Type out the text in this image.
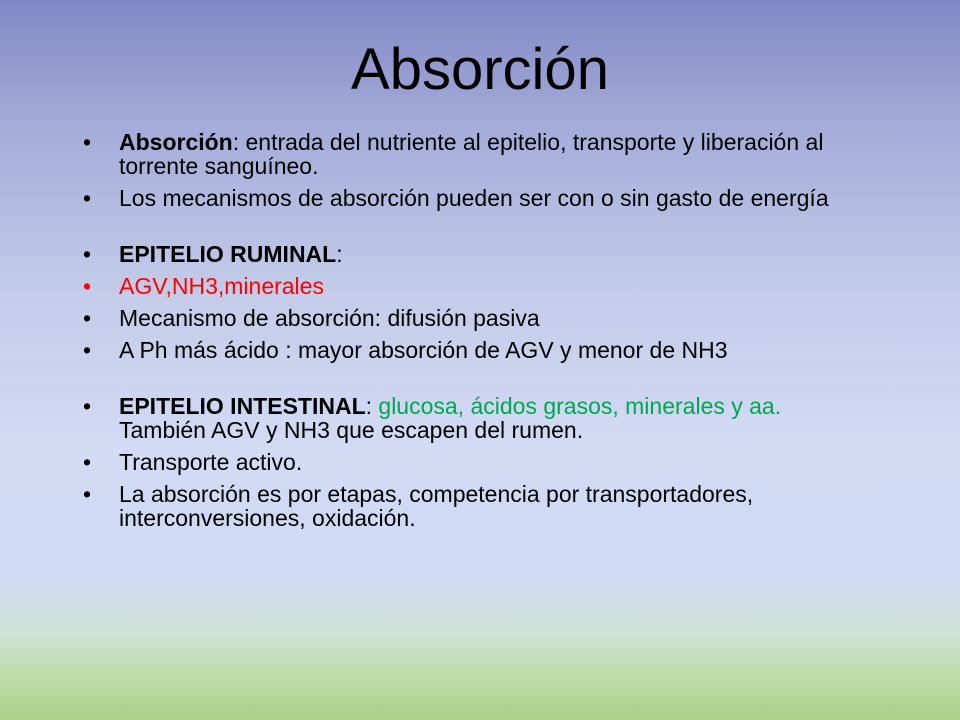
Absorción
• Absorción: entrada del nutriente al epitelio, transporte y liberación al torrente sanguíneo.
• Los mecanismos de absorción pueden ser con o sin gasto de energía
• EPITELIO RUMINAL:
• AGV,NH3,minerales
• Mecanismo de absorción: difusión pasiva
• A Ph más ácido : mayor absorción de AGV y menor de NH3
• EPITELIO INTESTINAL: glucosa, ácidos grasos, minerales y aa. También AGV y NH3 que escapen del rumen.
• Transporte activo.
• La absorción es por etapas, competencia por transportadores, interconversiones, oxidación.
